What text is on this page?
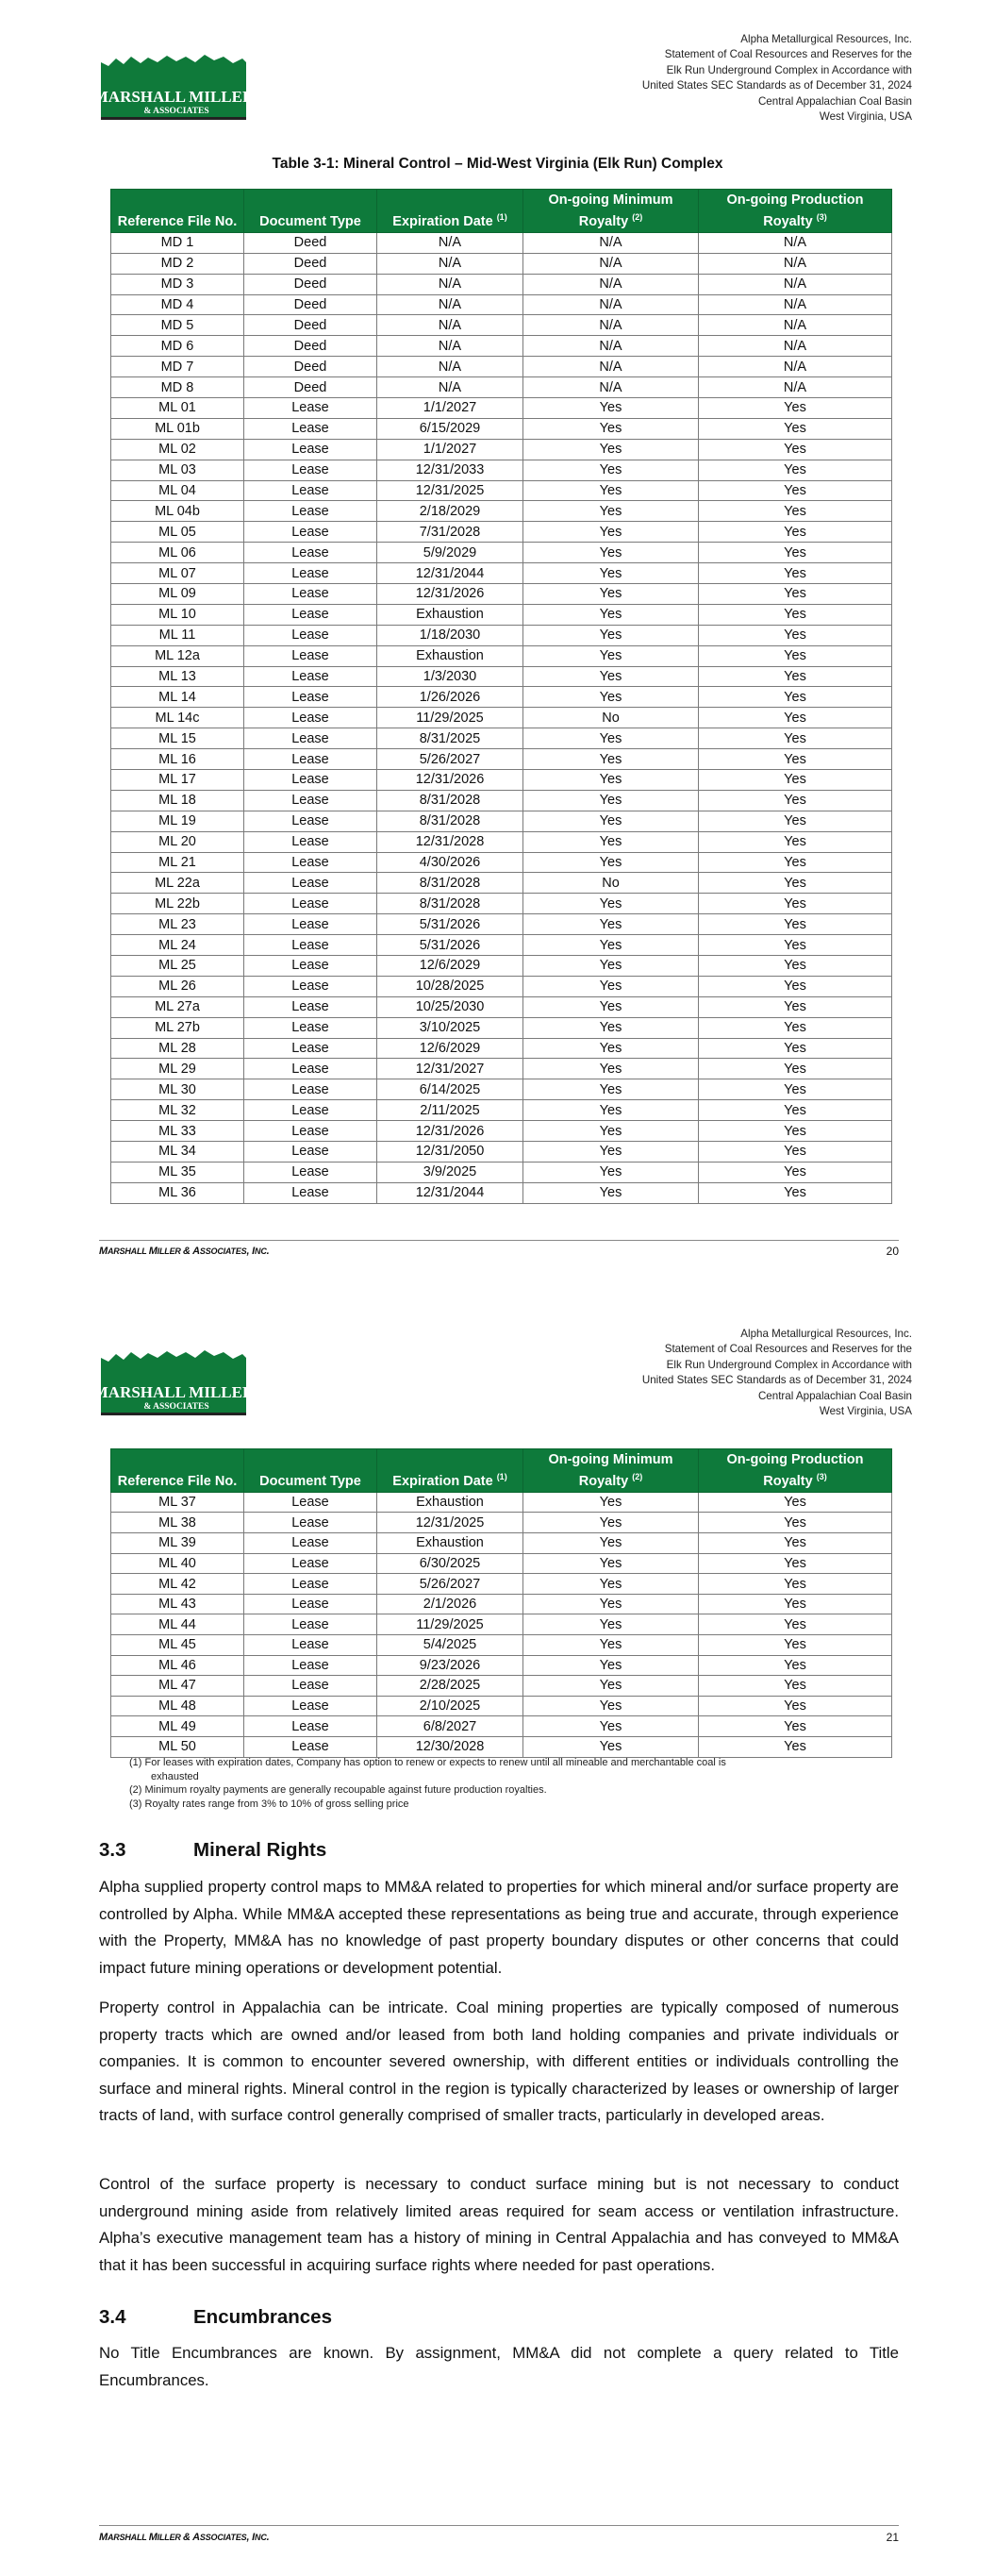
MARSHALL MILLER
& ASSOCIATES
Alpha Metallurgical Resources, Inc.
Statement of Coal Resources and Reserves for the
Elk Run Underground Complex in Accordance with
United States SEC Standards as of December 31, 2024
Central Appalachian Coal Basin
West Virginia, USA
Table 3-1: Mineral Control – Mid-West Virginia (Elk Run) Complex
Reference File No.	Document Type	Expiration Date $^{(1)}$	On-going Minimum Royalty $^{(2)}$	On-going Production Royalty $^{(3)}$
MD 1	Deed	N/A	N/A	N/A
MD 2	Deed	N/A	N/A	N/A
MD 3	Deed	N/A	N/A	N/A
MD 4	Deed	N/A	N/A	N/A
MD 5	Deed	N/A	N/A	N/A
MD 6	Deed	N/A	N/A	N/A
MD 7	Deed	N/A	N/A	N/A
MD 8	Deed	N/A	N/A	N/A
ML 01	Lease	1/1/2027	Yes	Yes
ML 01b	Lease	6/15/2029	Yes	Yes
ML 02	Lease	1/1/2027	Yes	Yes
ML 03	Lease	12/31/2033	Yes	Yes
ML 04	Lease	12/31/2025	Yes	Yes
ML 04b	Lease	2/18/2029	Yes	Yes
ML 05	Lease	7/31/2028	Yes	Yes
ML 06	Lease	5/9/2029	Yes	Yes
ML 07	Lease	12/31/2044	Yes	Yes
ML 09	Lease	12/31/2026	Yes	Yes
ML 10	Lease	Exhaustion	Yes	Yes
ML 11	Lease	1/18/2030	Yes	Yes
ML 12a	Lease	Exhaustion	Yes	Yes
ML 13	Lease	1/3/2030	Yes	Yes
ML 14	Lease	1/26/2026	Yes	Yes
ML 14c	Lease	11/29/2025	No	Yes
ML 15	Lease	8/31/2025	Yes	Yes
ML 16	Lease	5/26/2027	Yes	Yes
ML 17	Lease	12/31/2026	Yes	Yes
ML 18	Lease	8/31/2028	Yes	Yes
ML 19	Lease	8/31/2028	Yes	Yes
ML 20	Lease	12/31/2028	Yes	Yes
ML 21	Lease	4/30/2026	Yes	Yes
ML 22a	Lease	8/31/2028	No	Yes
ML 22b	Lease	8/31/2028	Yes	Yes
ML 23	Lease	5/31/2026	Yes	Yes
ML 24	Lease	5/31/2026	Yes	Yes
ML 25	Lease	12/6/2029	Yes	Yes
ML 26	Lease	10/28/2025	Yes	Yes
ML 27a	Lease	10/25/2030	Yes	Yes
ML 27b	Lease	3/10/2025	Yes	Yes
ML 28	Lease	12/6/2029	Yes	Yes
ML 29	Lease	12/31/2027	Yes	Yes
ML 30	Lease	6/14/2025	Yes	Yes
ML 32	Lease	2/11/2025	Yes	Yes
ML 33	Lease	12/31/2026	Yes	Yes
ML 34	Lease	12/31/2050	Yes	Yes
ML 35	Lease	3/9/2025	Yes	Yes
ML 36	Lease	12/31/2044	Yes	Yes
MARSHALL MILLER & ASSOCIATES, INC.	20
MARSHALL MILLER
& ASSOCIATES
Alpha Metallurgical Resources, Inc.
Statement of Coal Resources and Reserves for the
Elk Run Underground Complex in Accordance with
United States SEC Standards as of December 31, 2024
Central Appalachian Coal Basin
West Virginia, USA
Reference File No.	Document Type	Expiration Date $^{(1)}$	On-going Minimum Royalty $^{(2)}$	On-going Production Royalty $^{(3)}$
ML 37	Lease	Exhaustion	Yes	Yes
ML 38	Lease	12/31/2025	Yes	Yes
ML 39	Lease	Exhaustion	Yes	Yes
ML 40	Lease	6/30/2025	Yes	Yes
ML 42	Lease	5/26/2027	Yes	Yes
ML 43	Lease	2/1/2026	Yes	Yes
ML 44	Lease	11/29/2025	Yes	Yes
ML 45	Lease	5/4/2025	Yes	Yes
ML 46	Lease	9/23/2026	Yes	Yes
ML 47	Lease	2/28/2025	Yes	Yes
ML 48	Lease	2/10/2025	Yes	Yes
ML 49	Lease	6/8/2027	Yes	Yes
ML 50	Lease	12/30/2028	Yes	Yes
(1) For leases with expiration dates, Company has option to renew or expects to renew until all mineable and merchantable coal is
exhausted
(2) Minimum royalty payments are generally recoupable against future production royalties.
(3) Royalty rates range from 3% to 10% of gross selling price
3.3	Mineral Rights
Alpha supplied property control maps to MM&A related to properties for which mineral and/or surface property are controlled by Alpha. While MM&A accepted these representations as being true and accurate, through experience with the Property, MM&A has no knowledge of past property boundary disputes or other concerns that could impact future mining operations or development potential.
Property control in Appalachia can be intricate. Coal mining properties are typically composed of numerous property tracts which are owned and/or leased from both land holding companies and private individuals or companies. It is common to encounter severed ownership, with different entities or individuals controlling the surface and mineral rights. Mineral control in the region is typically characterized by leases or ownership of larger tracts of land, with surface control generally comprised of smaller tracts, particularly in developed areas.
Control of the surface property is necessary to conduct surface mining but is not necessary to conduct underground mining aside from relatively limited areas required for seam access or ventilation infrastructure. Alpha’s executive management team has a history of mining in Central Appalachia and has conveyed to MM&A that it has been successful in acquiring surface rights where needed for past operations.
3.4	Encumbrances
No Title Encumbrances are known. By assignment, MM&A did not complete a query related to Title Encumbrances.
MARSHALL MILLER & ASSOCIATES, INC.	21
